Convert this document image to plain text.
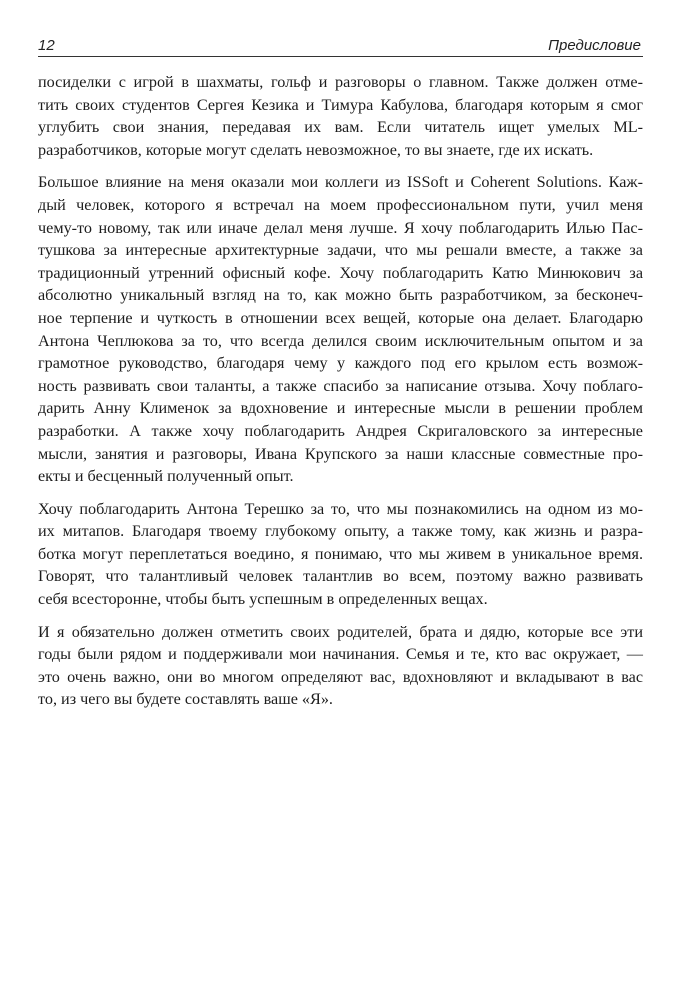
12	Предисловие

посиделки с игрой в шахматы, гольф и разговоры о главном. Также должен отме-
тить своих студентов Сергея Кезика и Тимура Кабулова, благодаря которым я смог
углубить свои знания, передавая их вам. Если читатель ищет умелых ML-
разработчиков, которые могут сделать невозможное, то вы знаете, где их искать.

Большое влияние на меня оказали мои коллеги из ISSoft и Coherent Solutions. Каж-
дый человек, которого я встречал на моем профессиональном пути, учил меня
чему-то новому, так или иначе делал меня лучше. Я хочу поблагодарить Илью Пас-
тушкова за интересные архитектурные задачи, что мы решали вместе, а также за
традиционный утренний офисный кофе. Хочу поблагодарить Катю Минюкович за
абсолютно уникальный взгляд на то, как можно быть разработчиком, за бесконеч-
ное терпение и чуткость в отношении всех вещей, которые она делает. Благодарю
Антона Чеплюкова за то, что всегда делился своим исключительным опытом и за
грамотное руководство, благодаря чему у каждого под его крылом есть возмож-
ность развивать свои таланты, а также спасибо за написание отзыва. Хочу поблаго-
дарить Анну Клименок за вдохновение и интересные мысли в решении проблем
разработки. А также хочу поблагодарить Андрея Скригаловского за интересные
мысли, занятия и разговоры, Ивана Крупского за наши классные совместные про-
екты и бесценный полученный опыт.

Хочу поблагодарить Антона Терешко за то, что мы познакомились на одном из мо-
их митапов. Благодаря твоему глубокому опыту, а также тому, как жизнь и разра-
ботка могут переплетаться воедино, я понимаю, что мы живем в уникальное время.
Говорят, что талантливый человек талантлив во всем, поэтому важно развивать
себя всесторонне, чтобы быть успешным в определенных вещах.

И я обязательно должен отметить своих родителей, брата и дядю, которые все эти
годы были рядом и поддерживали мои начинания. Семья и те, кто вас окружает, —
это очень важно, они во многом определяют вас, вдохновляют и вкладывают в вас
то, из чего вы будете составлять ваше «Я».
